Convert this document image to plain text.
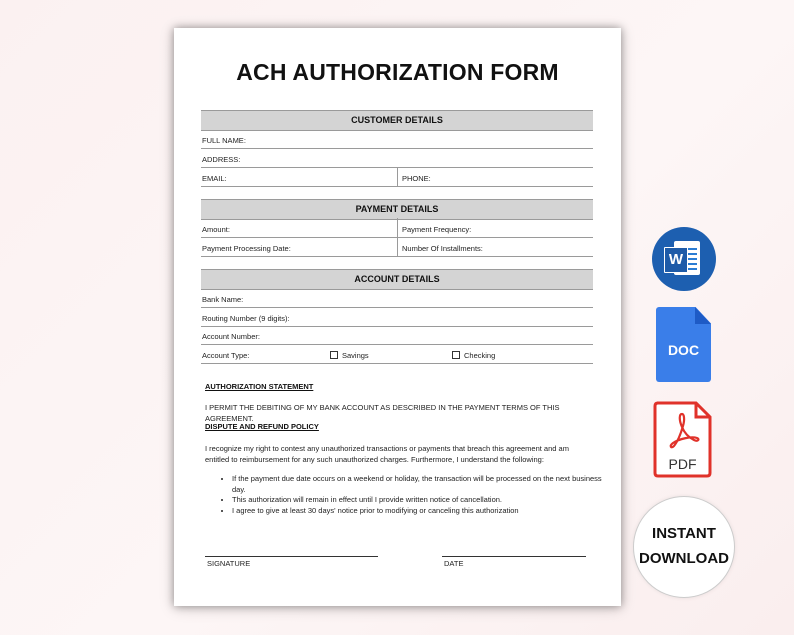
ACH AUTHORIZATION FORM
CUSTOMER DETAILS
FULL NAME:
ADDRESS:
EMAIL:	PHONE:
PAYMENT DETAILS
Amount:	Payment Frequency:
Payment Processing Date:	Number Of Installments:
ACCOUNT DETAILS
Bank Name:
Routing Number (9 digits):
Account Number:
Account Type:	Savings	Checking
AUTHORIZATION STATEMENT
I PERMIT THE DEBITING OF MY BANK ACCOUNT AS DESCRIBED IN THE PAYMENT TERMS OF THIS AGREEMENT.
DISPUTE AND REFUND POLICY
I recognize my right to contest any unauthorized transactions or payments that breach this agreement and am entitled to reimbursement for any such unauthorized charges. Furthermore, I understand the following:
• If the payment due date occurs on a weekend or holiday, the transaction will be processed on the next business day.
• This authorization will remain in effect until I provide written notice of cancellation.
• I agree to give at least 30 days' notice prior to modifying or canceling this authorization
SIGNATURE	DATE
W
DOC
PDF
INSTANT
DOWNLOAD
